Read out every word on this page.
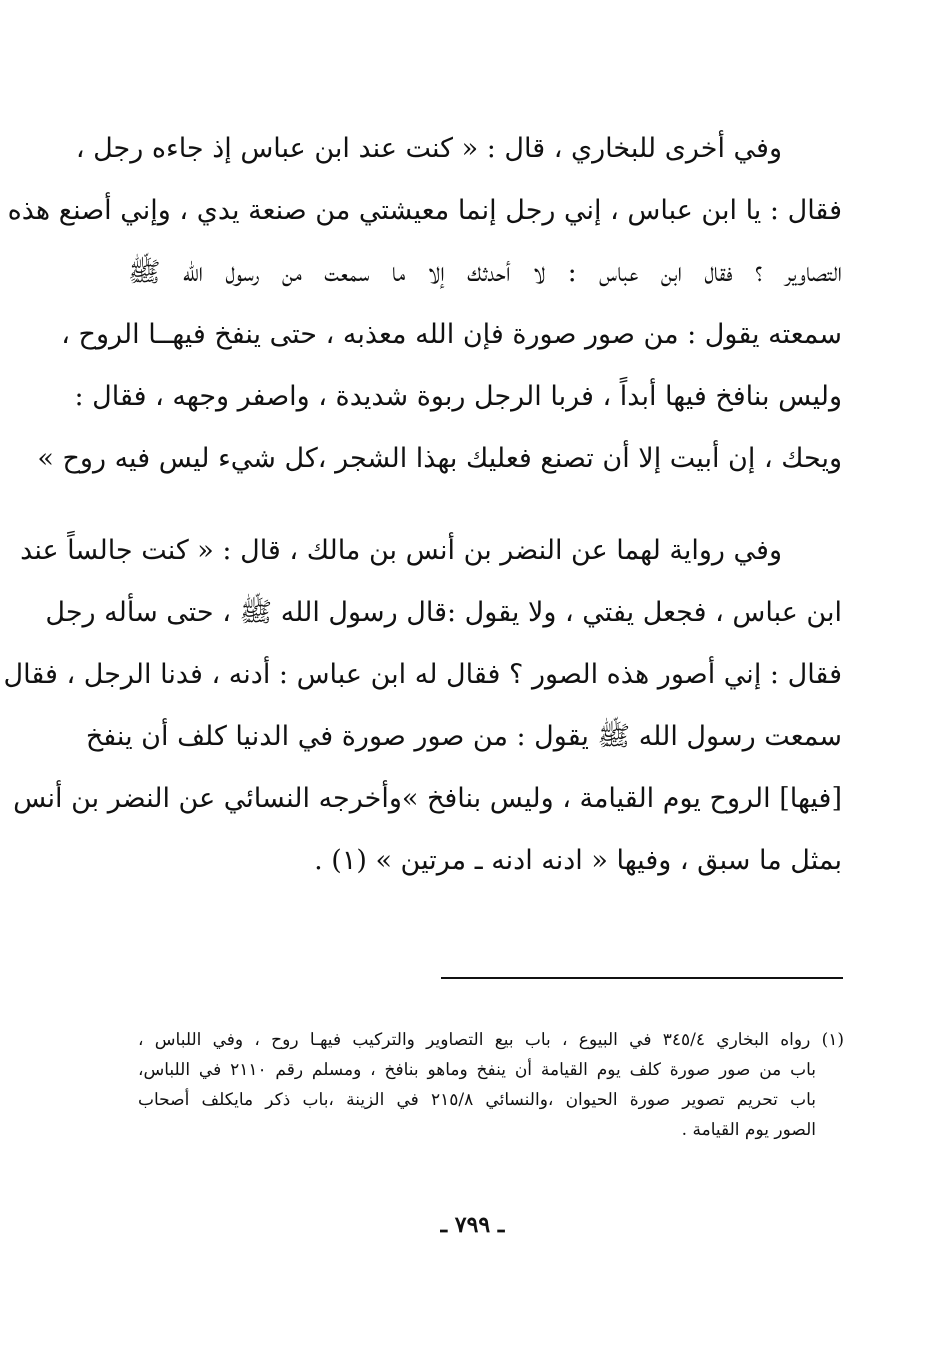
وفي أخرى للبخاري ، قال : « كنت عند ابن عباس إذ جاءه رجل ،
فقال : يا ابن عباس ، إني رجل إنما معيشتي من صنعة يدي ، وإني أصنع هذه
التصاوير ؟ فقال ابن عباس : لا أحدثك إلا ما سمعت من رسول الله ﷺ
سمعته يقول : من صور صورة فإن الله معذبه ، حتى ينفخ فيهــا الروح ،
وليس بنافخ فيها أبداً ، فربا الرجل ربوة شديدة ، واصفر وجهه ، فقال :
ويحك ، إن أبيت إلا أن تصنع فعليك بهذا الشجر ،كل شيء ليس فيه روح »
وفي رواية لهما عن النضر بن أنس بن مالك ، قال : « كنت جالساً عند
ابن عباس ، فجعل يفتي ، ولا يقول :قال رسول الله ﷺ ، حتى سأله رجل
فقال : إني أصور هذه الصور ؟ فقال له ابن عباس : أدنه ، فدنا الرجل ، فقال
سمعت رسول الله ﷺ يقول : من صور صورة في الدنيا كلف أن ينفخ
[فيها] الروح يوم القيامة ، وليس بنافخ »وأخرجه النسائي عن النضر بن أنس
بمثل ما سبق ، وفيها « ادنه ادنه ـ مرتين » (١) .
(١) رواه البخاري ٣٤٥/٤ في البيوع ، باب بيع التصاوير والتركيب فيهـا روح ، وفي اللباس ،
باب من صور صورة كلف يوم القيامة أن ينفخ وماهو بنافخ ، ومسلم رقم ٢١١٠ في اللباس،
باب تحريم تصوير صورة الحيوان ،والنسائي ٢١٥/٨ في الزينة ،باب ذكر مايكلف أصحاب
الصور يوم القيامة .
ـ ٧٩٩ ـ
